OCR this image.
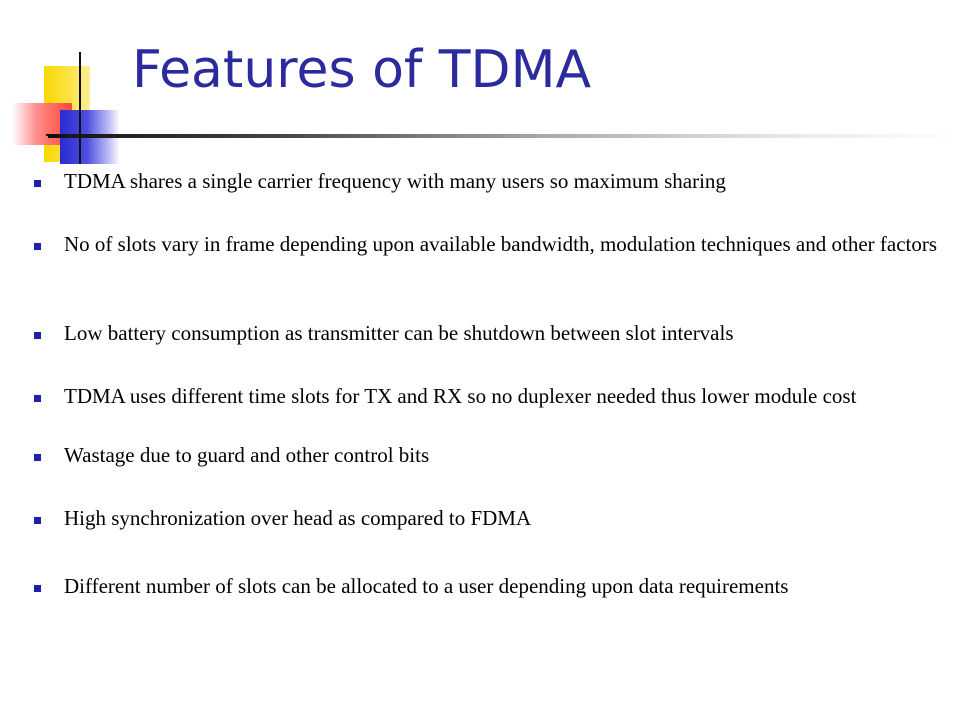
Features of TDMA
TDMA shares a single carrier frequency with many users so maximum sharing
No of slots vary in frame depending upon available bandwidth, modulation techniques and other factors
Low battery consumption as transmitter can be shutdown between slot intervals
TDMA uses different time slots for TX and RX so no duplexer needed thus lower module cost
Wastage due to guard and other control bits
High synchronization over head as compared to FDMA
Different number of slots can be allocated to a user depending upon data requirements
